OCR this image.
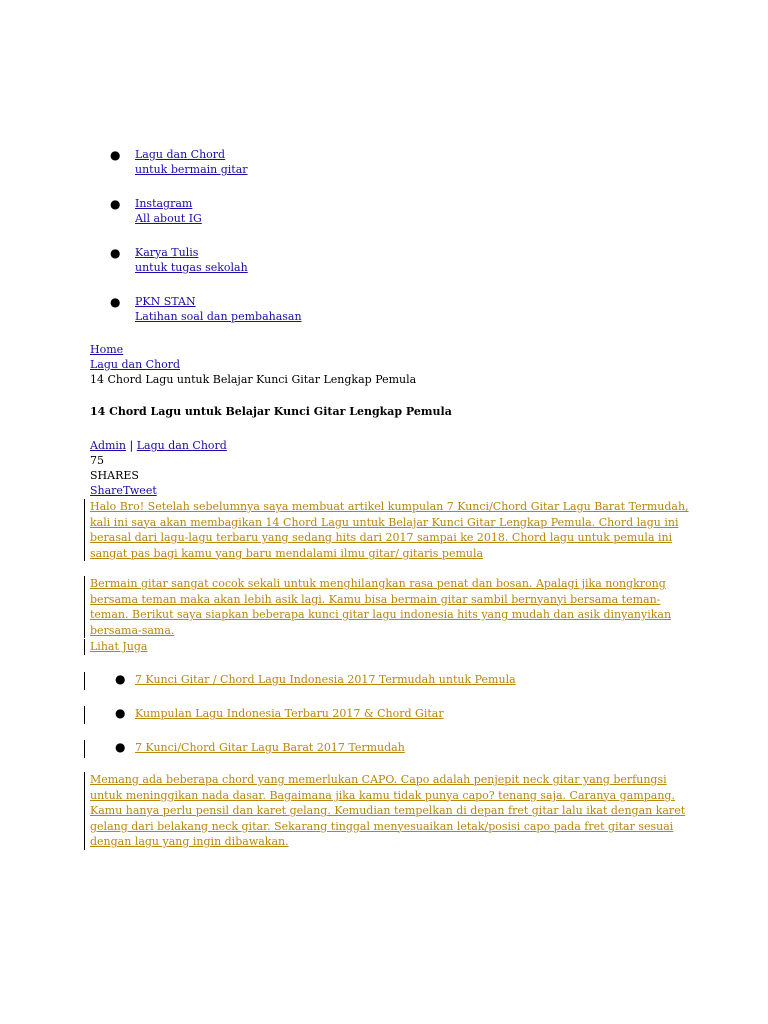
● Lagu dan Chord
untuk bermain gitar
● Instagram
All about IG
● Karya Tulis
untuk tugas sekolah
● PKN STAN
Latihan soal dan pembahasan
Home
Lagu dan Chord
14 Chord Lagu untuk Belajar Kunci Gitar Lengkap Pemula
14 Chord Lagu untuk Belajar Kunci Gitar Lengkap Pemula
Admin | Lagu dan Chord
75
SHARES
ShareTweet

Halo Bro! Setelah sebelumnya saya membuat artikel kumpulan 7 Kunci/Chord Gitar Lagu Barat Termudah, kali ini saya akan membagikan 14 Chord Lagu untuk Belajar Kunci Gitar Lengkap Pemula. Chord lagu ini berasal dari lagu-lagu terbaru yang sedang hits dari 2017 sampai ke 2018. Chord lagu untuk pemula ini sangat pas bagi kamu yang baru mendalami ilmu gitar/ gitaris pemula

Bermain gitar sangat cocok sekali untuk menghilangkan rasa penat dan bosan. Apalagi jika nongkrong bersama teman maka akan lebih asik lagi. Kamu bisa bermain gitar sambil bernyanyi bersama teman-teman. Berikut saya siapkan beberapa kunci gitar lagu indonesia hits yang mudah dan asik dinyanyikan bersama-sama.

Lihat Juga

● 7 Kunci Gitar / Chord Lagu Indonesia 2017 Termudah untuk Pemula
● Kumpulan Lagu Indonesia Terbaru 2017 & Chord Gitar
● 7 Kunci/Chord Gitar Lagu Barat 2017 Termudah

Memang ada beberapa chord yang memerlukan CAPO. Capo adalah penjepit neck gitar yang berfungsi untuk meninggikan nada dasar. Bagaimana jika kamu tidak punya capo? tenang saja. Caranya gampang. Kamu hanya perlu pensil dan karet gelang. Kemudian tempelkan di depan fret gitar lalu ikat dengan karet gelang dari belakang neck gitar. Sekarang tinggal menyesuaikan letak/posisi capo pada fret gitar sesuai dengan lagu yang ingin dibawakan.
